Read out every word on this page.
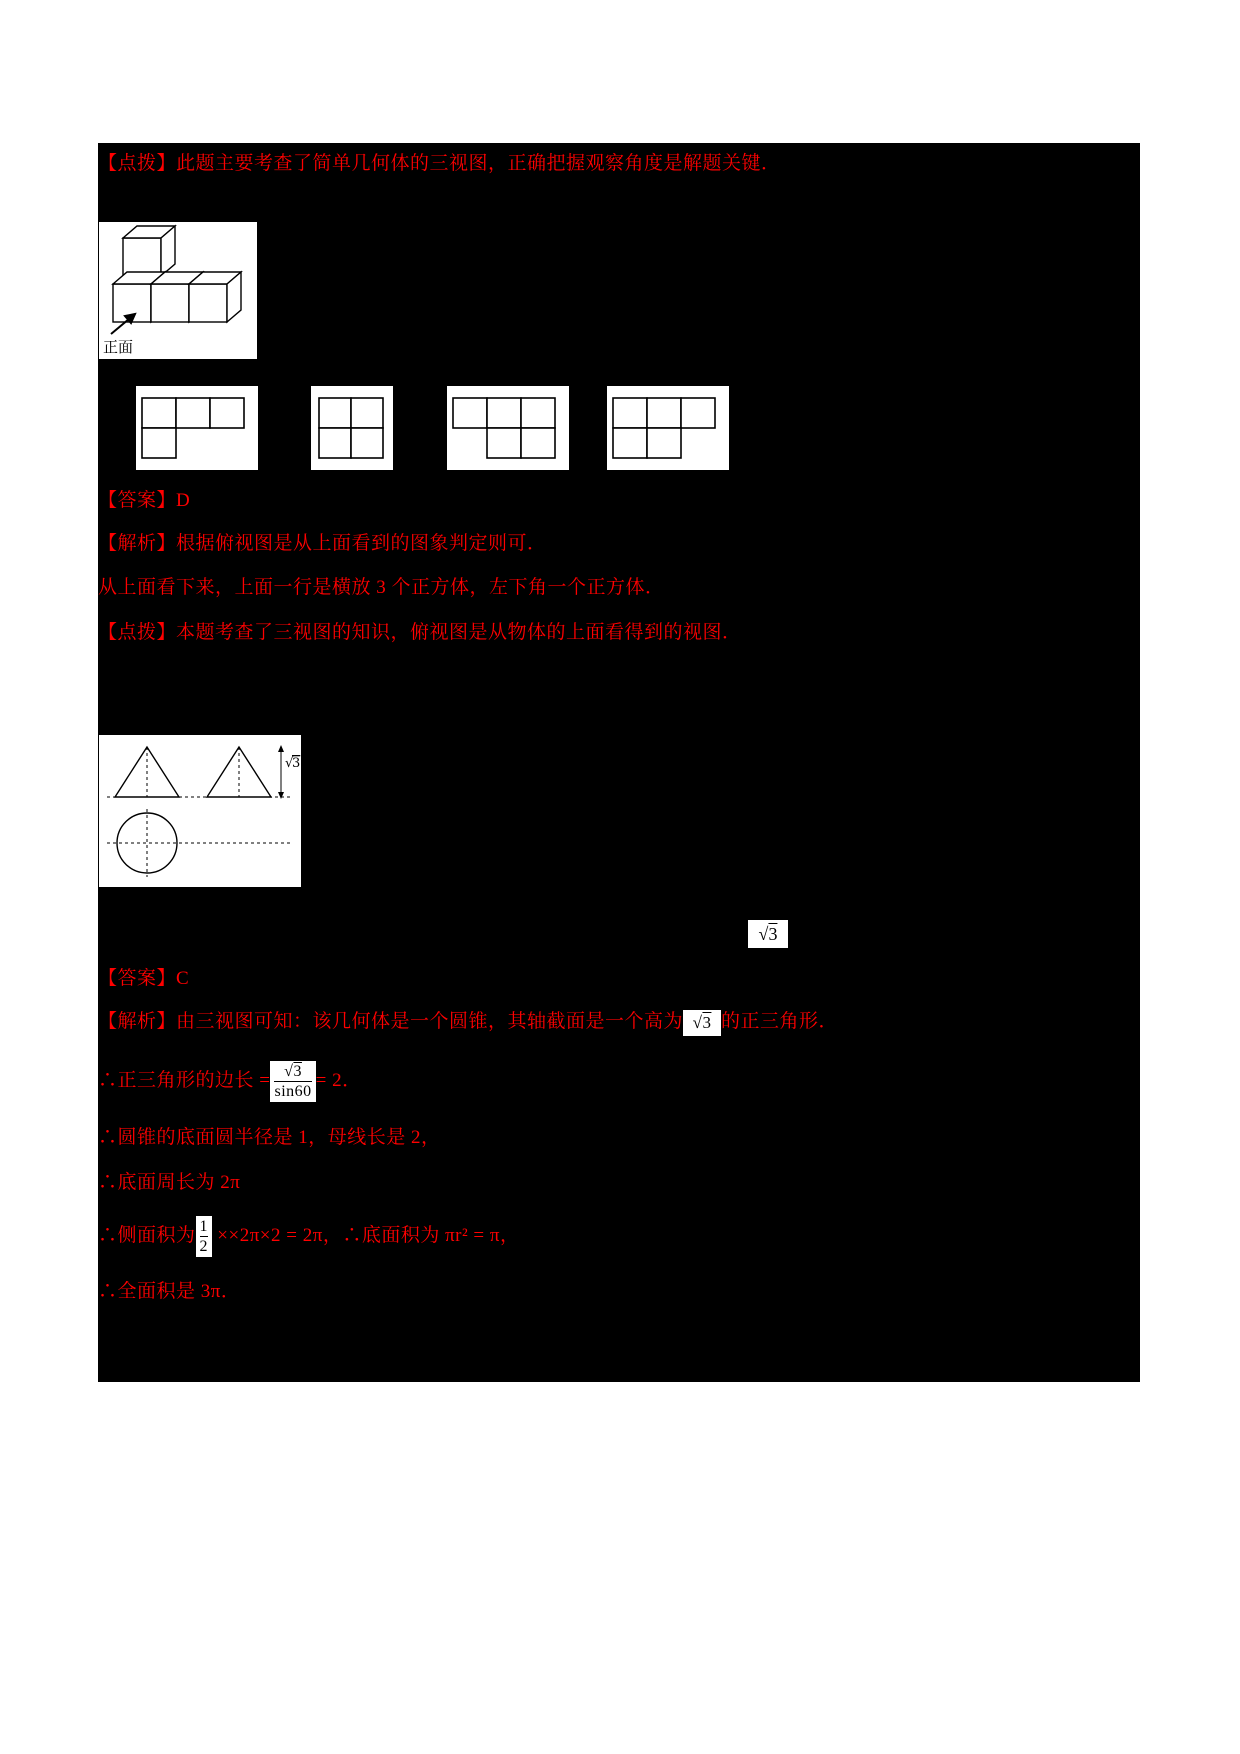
【点拨】此题主要考查了简单几何体的三视图，正确把握观察角度是解题关键．
正面
【答案】D
【解析】根据俯视图是从上面看到的图象判定则可．
从上面看下来，上面一行是横放 3 个正方体，左下角一个正方体．
【点拨】本题考查了三视图的知识，俯视图是从物体的上面看得到的视图．
√
3
√3
【答案】C
【解析】由三视图可知：该几何体是一个圆锥，其轴截面是一个高为 √3 的正三角形．
∴正三角形的边长 = $\frac{√3}{\sin 60} = 2$．
∴圆锥的底面圆半径是 1，母线长是 2，
∴底面周长为 2π
∴侧面积为 $\frac{1}{2} \times\times 2\pi\times 2 = 2\pi$，∴底面积为 πr² = π，
∴全面积是 3π．
